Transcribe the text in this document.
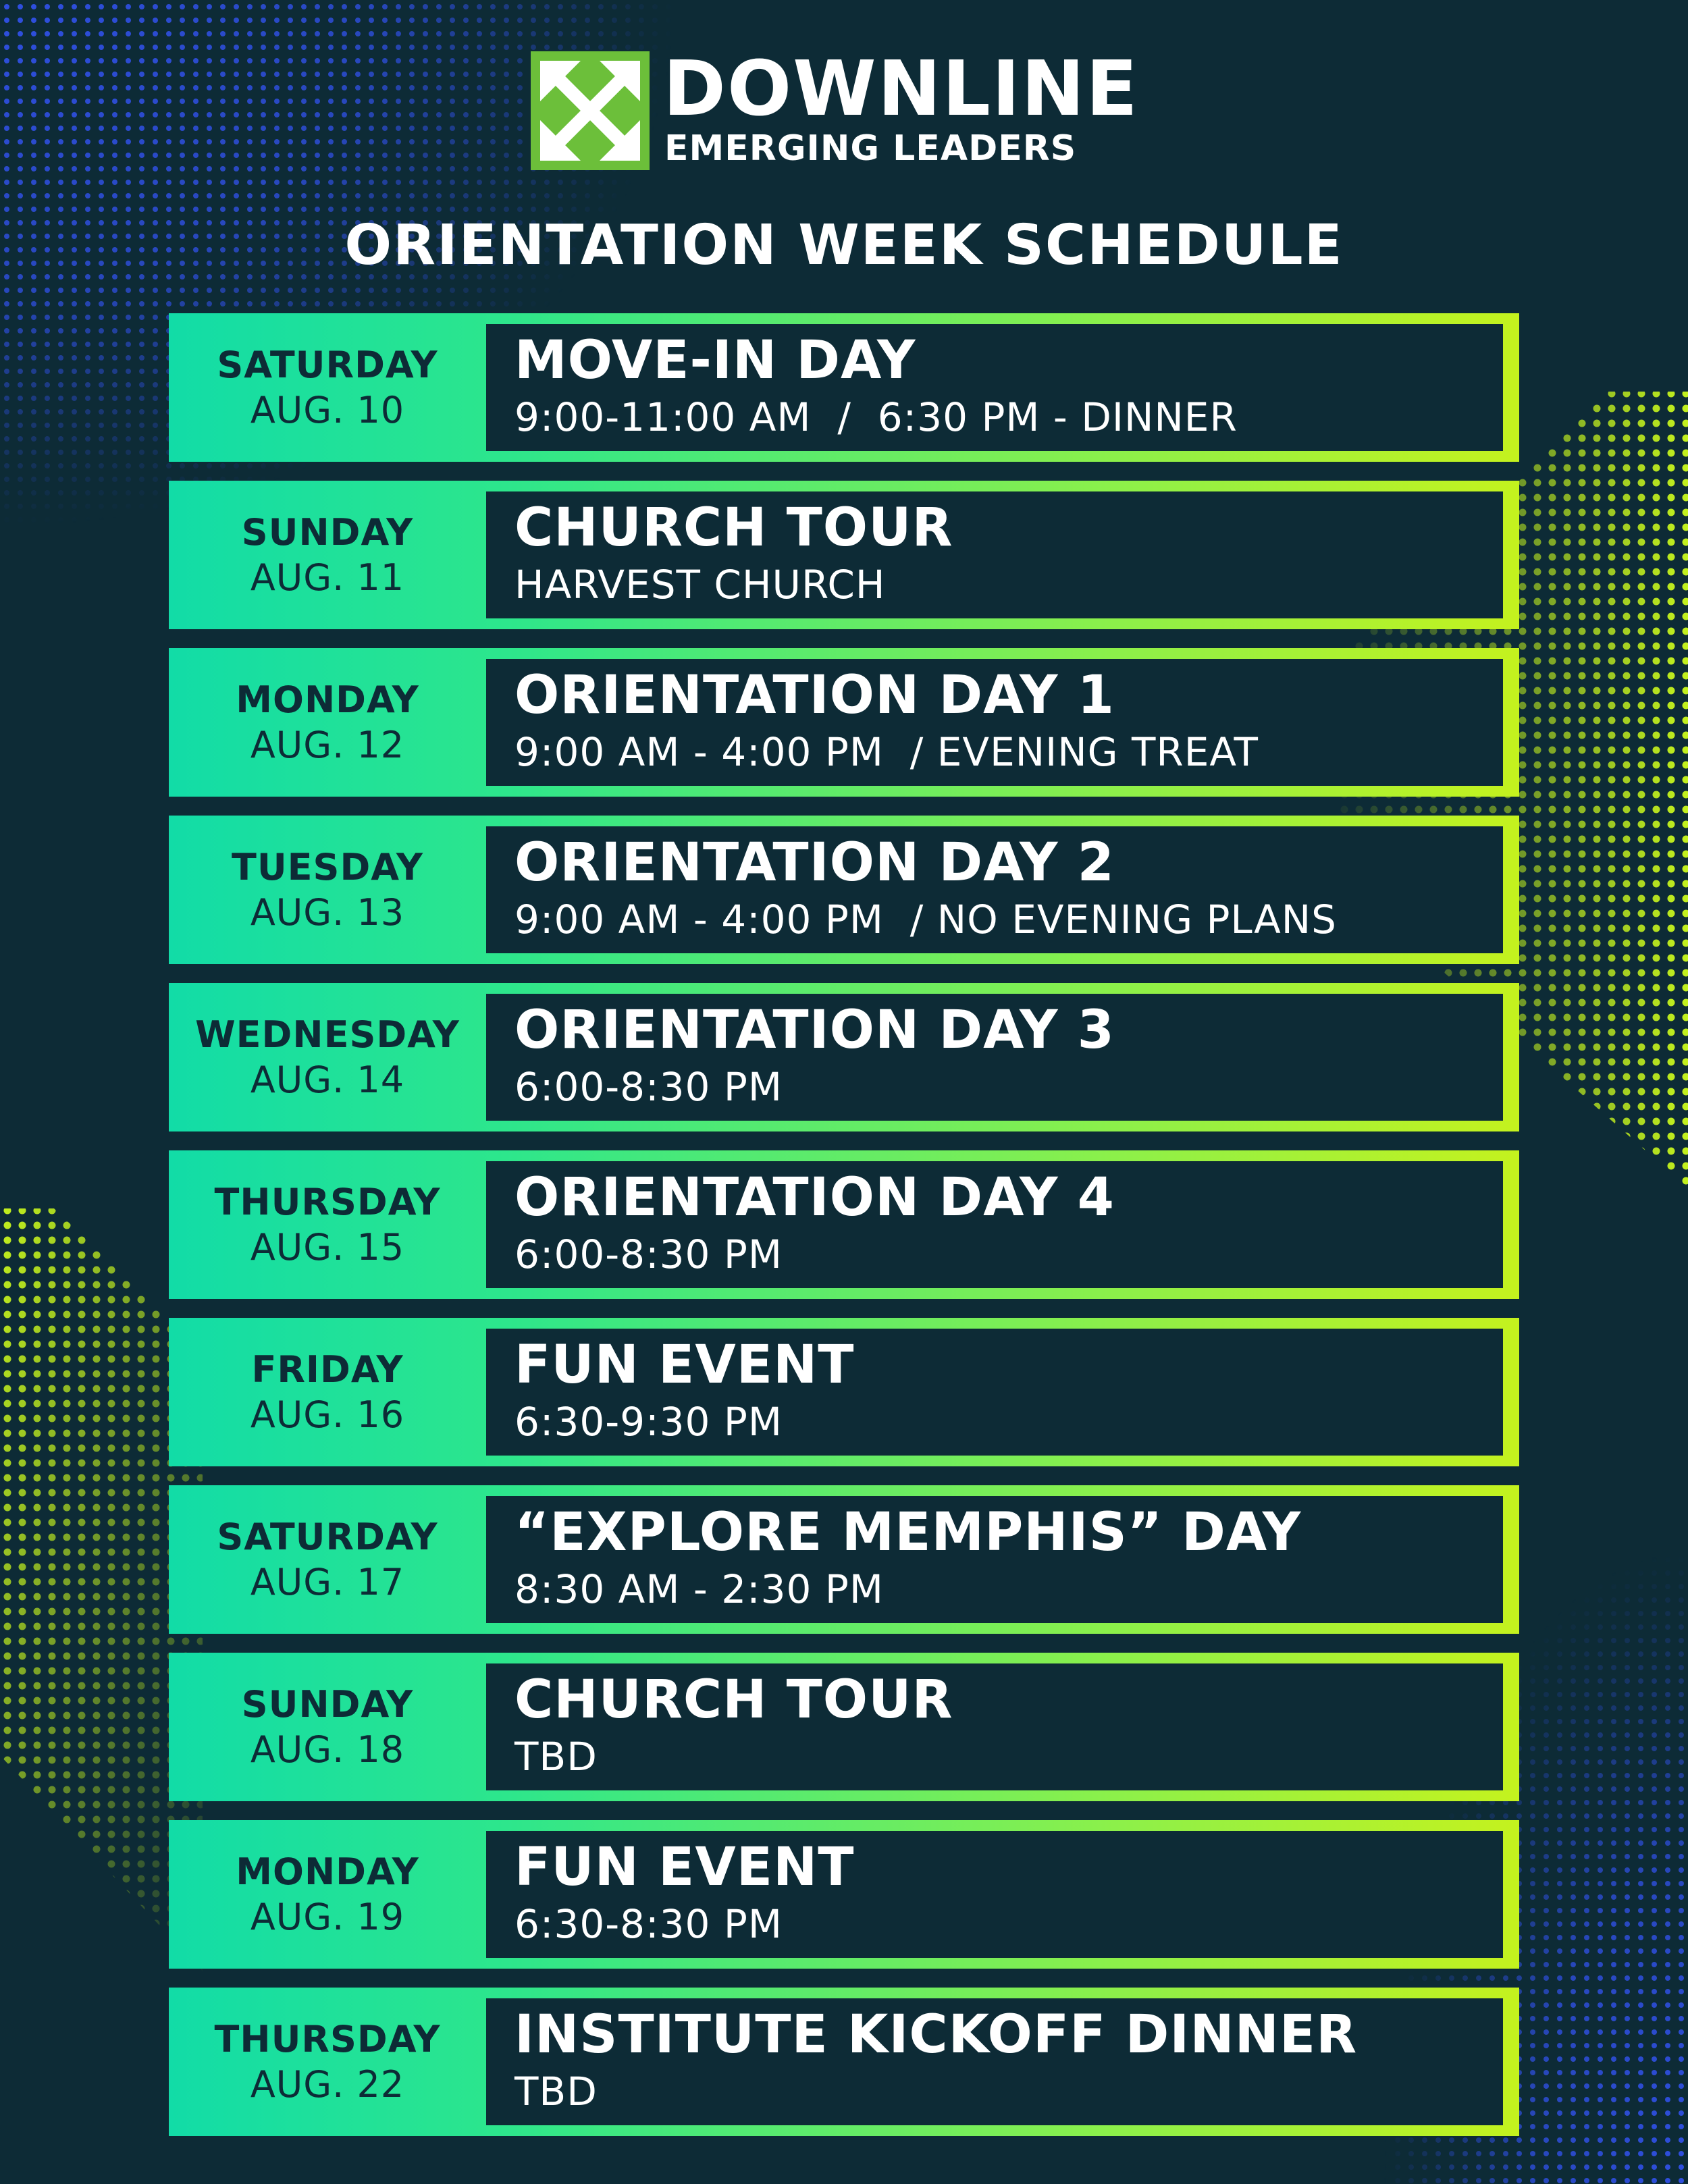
DOWNLINE
EMERGING LEADERS
ORIENTATION WEEK SCHEDULE
SATURDAY
AUG. 10
MOVE-IN DAY
9:00-11:00 AM  /  6:30 PM - DINNER
SUNDAY
AUG. 11
CHURCH TOUR
HARVEST CHURCH
MONDAY
AUG. 12
ORIENTATION DAY 1
9:00 AM - 4:00 PM  / EVENING TREAT
TUESDAY
AUG. 13
ORIENTATION DAY 2
9:00 AM - 4:00 PM  / NO EVENING PLANS
WEDNESDAY
AUG. 14
ORIENTATION DAY 3
6:00-8:30 PM
THURSDAY
AUG. 15
ORIENTATION DAY 4
6:00-8:30 PM
FRIDAY
AUG. 16
FUN EVENT
6:30-9:30 PM
SATURDAY
AUG. 17
“EXPLORE MEMPHIS” DAY
8:30 AM - 2:30 PM
SUNDAY
AUG. 18
CHURCH TOUR
TBD
MONDAY
AUG. 19
FUN EVENT
6:30-8:30 PM
THURSDAY
AUG. 22
INSTITUTE KICKOFF DINNER
TBD
